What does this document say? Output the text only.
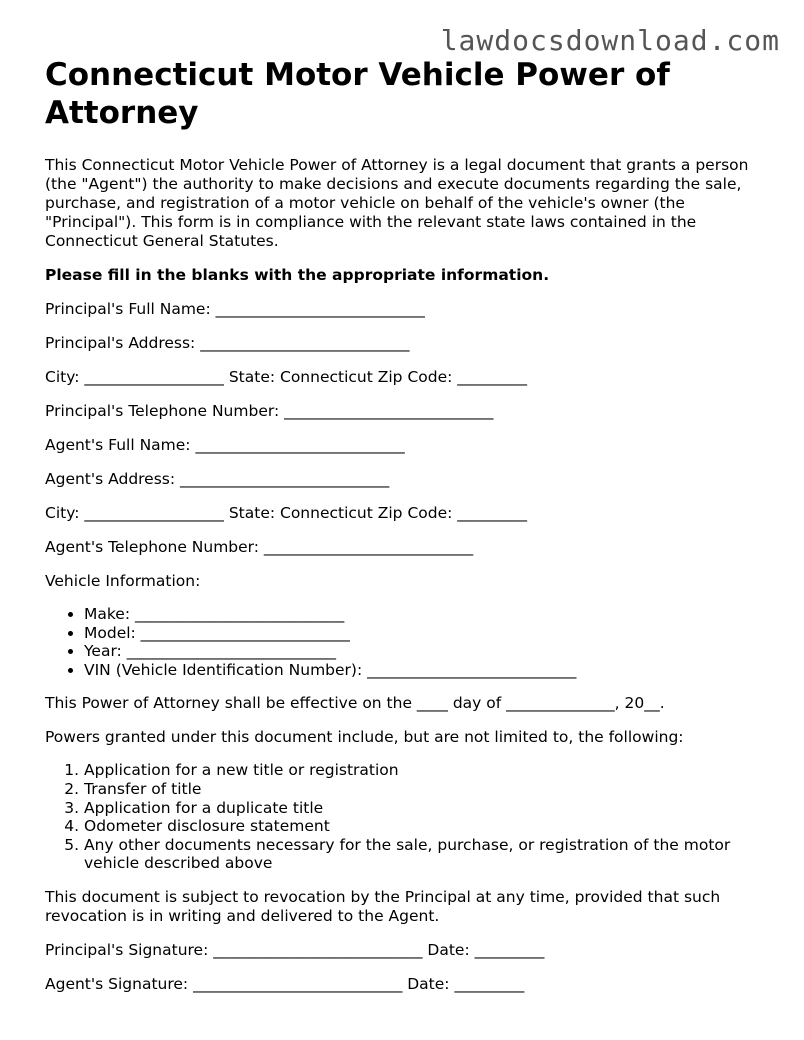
lawdocsdownload.com
Connecticut Motor Vehicle Power of Attorney

This Connecticut Motor Vehicle Power of Attorney is a legal document that grants a person (the "Agent") the authority to make decisions and execute documents regarding the sale, purchase, and registration of a motor vehicle on behalf of the vehicle's owner (the "Principal"). This form is in compliance with the relevant state laws contained in the Connecticut General Statutes.

Please fill in the blanks with the appropriate information.

Principal's Full Name: ___________________________

Principal's Address: ___________________________

City: __________________ State: Connecticut Zip Code: _________

Principal's Telephone Number: ___________________________

Agent's Full Name: ___________________________

Agent's Address: ___________________________

City: __________________ State: Connecticut Zip Code: _________

Agent's Telephone Number: ___________________________

Vehicle Information:

• Make: ___________________________
• Model: ___________________________
• Year: ___________________________
• VIN (Vehicle Identification Number): ___________________________

This Power of Attorney shall be effective on the ____ day of ______________, 20__.

Powers granted under this document include, but are not limited to, the following:

1. Application for a new title or registration
2. Transfer of title
3. Application for a duplicate title
4. Odometer disclosure statement
5. Any other documents necessary for the sale, purchase, or registration of the motor vehicle described above

This document is subject to revocation by the Principal at any time, provided that such revocation is in writing and delivered to the Agent.

Principal's Signature: ___________________________ Date: _________

Agent's Signature: ___________________________ Date: _________
